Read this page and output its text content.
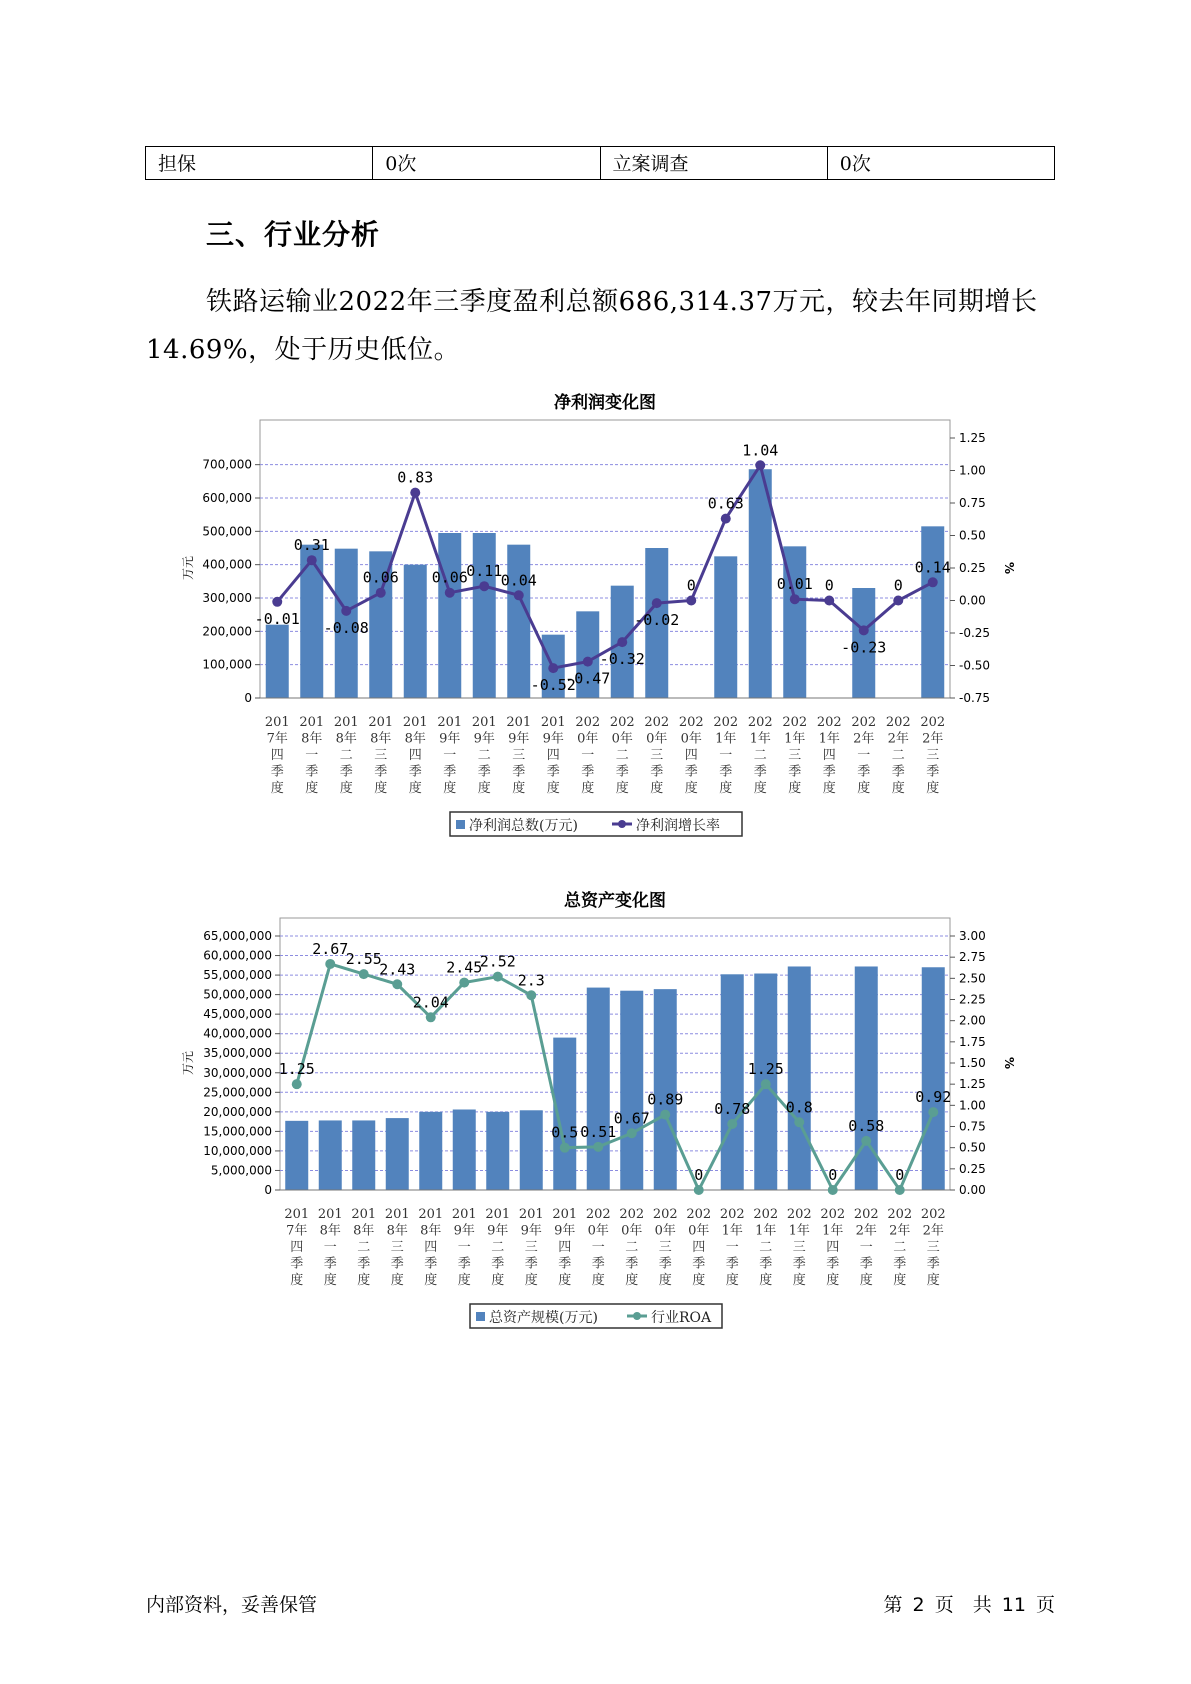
担保	0次	立案调查	0次
三、行业分析

铁路运输业2022年三季度盈利总额686,314.37万元，较去年同期增长14.69%，处于历史低位。

净利润变化图
0
100,000
200,000
300,000
400,000
500,000
600,000
700,000
-0.75
-0.50
-0.25
0.00
0.25
0.50
0.75
1.00
1.25
万元	%
201
7年
四
季
度
201
8年
一
季
度
201
8年
二
季
度
201
8年
三
季
度
201
8年
四
季
度
201
9年
一
季
度
201
9年
二
季
度
201
9年
三
季
度
201
9年
四
季
度
202
0年
一
季
度
202
0年
二
季
度
202
0年
三
季
度
202
0年
四
季
度
202
1年
一
季
度
202
1年
二
季
度
202
1年
三
季
度
202
1年
四
季
度
202
2年
一
季
度
202
2年
二
季
度
202
2年
三
季
度
-0.01
0.31
-0.08
0.06
0.83
0.06
0.11
0.04
-0.52
-0.47
-0.32
-0.02
0
0.63
1.04
0.01 0
-0.23
0
0.14
净利润总数(万元)	净利润增长率
总资产变化图
0
5,000,000
10,000,000
15,000,000
20,000,000
25,000,000
30,000,000
35,000,000
40,000,000
45,000,000
50,000,000
55,000,000
60,000,000
65,000,000
0.00
0.25
0.50
0.75
1.00
1.25
1.50
1.75
2.00
2.25
2.50
2.75
3.00
万元	%
201
7年
四
季
度
201
8年
一
季
度
201
8年
二
季
度
201
8年
三
季
度
201
8年
四
季
度
201
9年
一
季
度
201
9年
二
季
度
201
9年
三
季
度
201
9年
四
季
度
202
0年
一
季
度
202
0年
二
季
度
202
0年
三
季
度
202
0年
四
季
度
202
1年
一
季
度
202
1年
二
季
度
202
1年
三
季
度
202
1年
四
季
度
202
2年
一
季
度
202
2年
二
季
度
202
2年
三
季
度
1.25
2.67
2.55
2.43
2.04
2.45
2.52
2.3
0.5 0.51
0.67
0.89
0
0.78
1.25
0.8
0
0.58
0
0.92
总资产规模(万元)	行业ROA
内部资料，妥善保管	第 2 页　共 11 页
